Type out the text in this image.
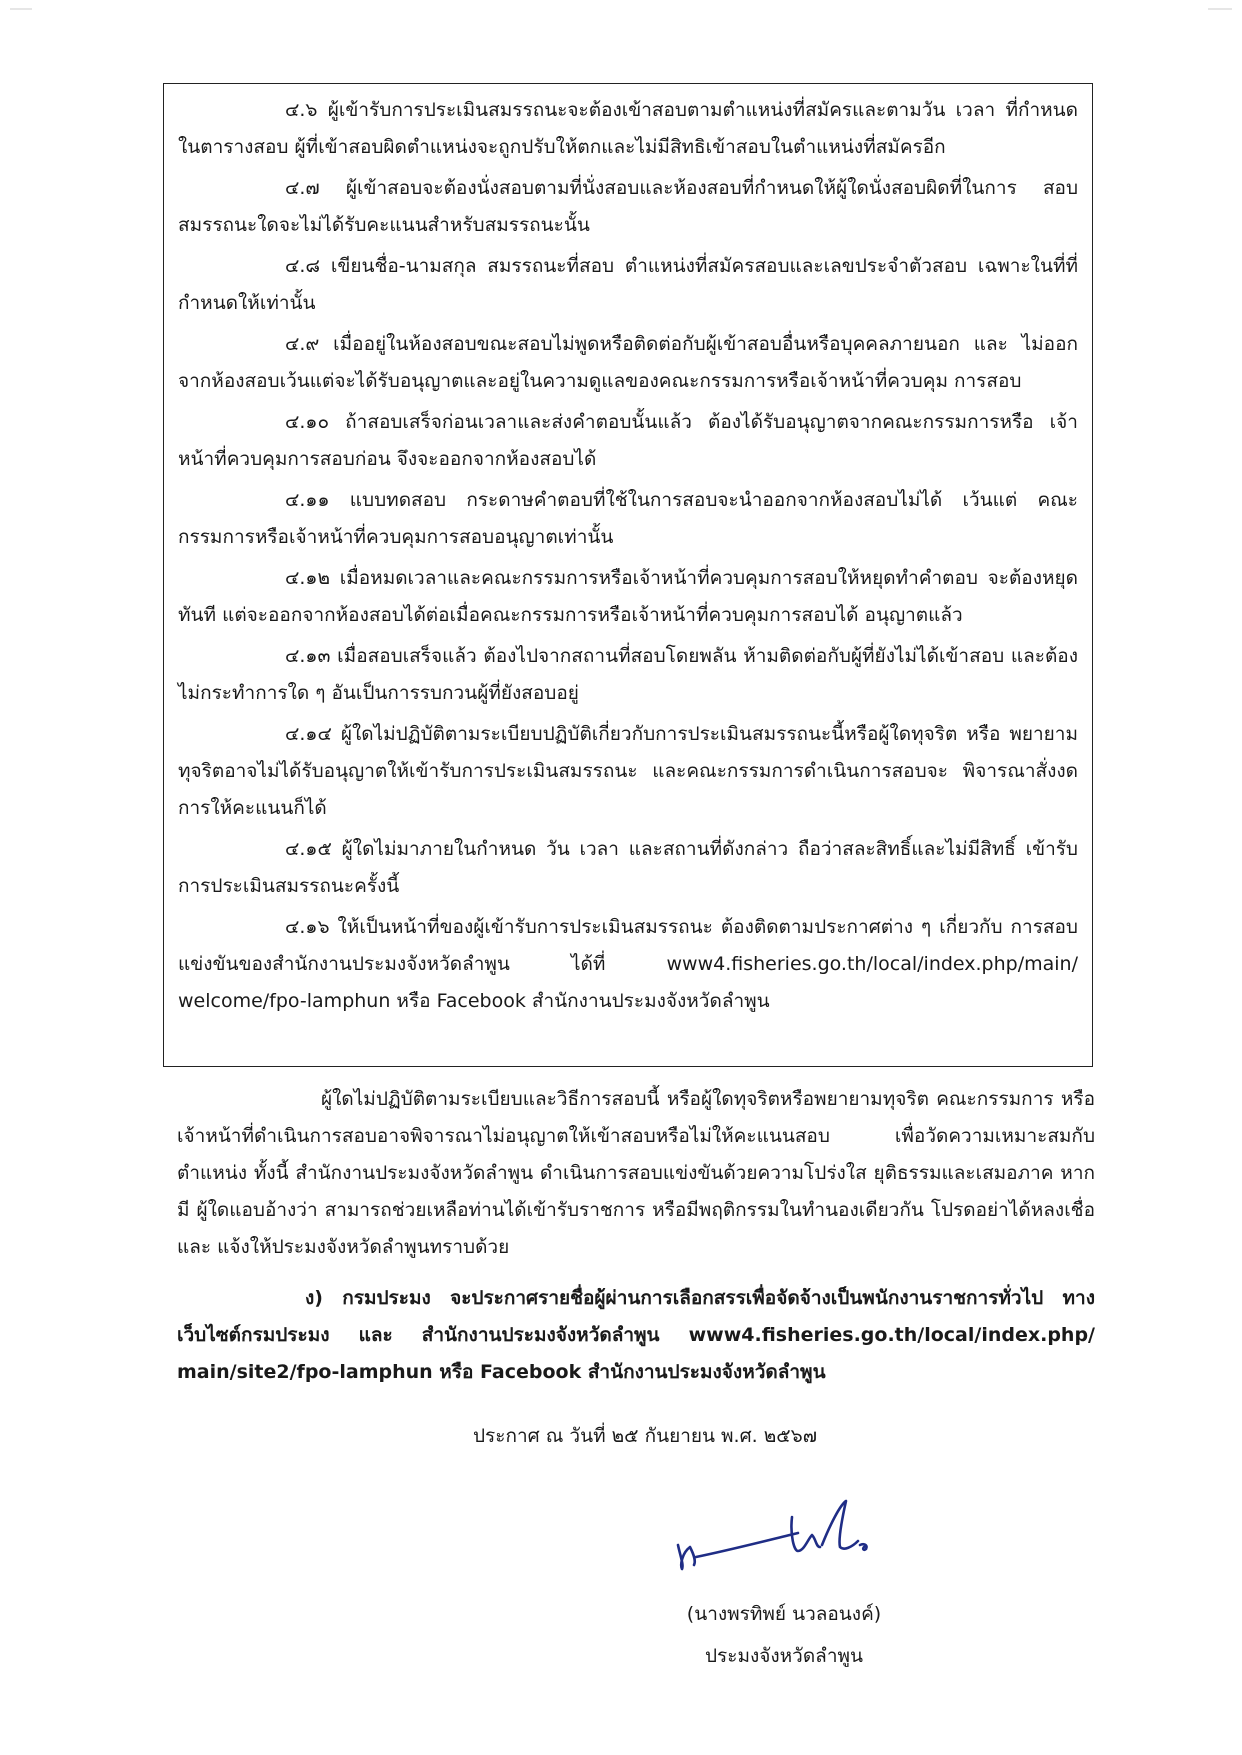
๔.๖ ผู้เข้ารับการประเมินสมรรถนะจะต้องเข้าสอบตามตำแหน่งที่สมัครและตามวัน เวลา ที่กำหนดในตารางสอบ ผู้ที่เข้าสอบผิดตำแหน่งจะถูกปรับให้ตกและไม่มีสิทธิเข้าสอบในตำแหน่งที่สมัครอีก

๔.๗ ผู้เข้าสอบจะต้องนั่งสอบตามที่นั่งสอบและห้องสอบที่กำหนดให้ผู้ใดนั่งสอบผิดที่ในการ สอบสมรรถนะใดจะไม่ได้รับคะแนนสำหรับสมรรถนะนั้น

๔.๘ เขียนชื่อ-นามสกุล สมรรถนะที่สอบ ตำแหน่งที่สมัครสอบและเลขประจำตัวสอบ เฉพาะในที่ที่กำหนดให้เท่านั้น

๔.๙ เมื่ออยู่ในห้องสอบขณะสอบไม่พูดหรือติดต่อกับผู้เข้าสอบอื่นหรือบุคคลภายนอก และ ไม่ออกจากห้องสอบเว้นแต่จะได้รับอนุญาตและอยู่ในความดูแลของคณะกรรมการหรือเจ้าหน้าที่ควบคุม การสอบ

๔.๑๐ ถ้าสอบเสร็จก่อนเวลาและส่งคำตอบนั้นแล้ว ต้องได้รับอนุญาตจากคณะกรรมการหรือ เจ้าหน้าที่ควบคุมการสอบก่อน จึงจะออกจากห้องสอบได้

๔.๑๑ แบบทดสอบ กระดาษคำตอบที่ใช้ในการสอบจะนำออกจากห้องสอบไม่ได้ เว้นแต่ คณะกรรมการหรือเจ้าหน้าที่ควบคุมการสอบอนุญาตเท่านั้น

๔.๑๒ เมื่อหมดเวลาและคณะกรรมการหรือเจ้าหน้าที่ควบคุมการสอบให้หยุดทำคำตอบ จะต้องหยุดทันที แต่จะออกจากห้องสอบได้ต่อเมื่อคณะกรรมการหรือเจ้าหน้าที่ควบคุมการสอบได้ อนุญาตแล้ว

๔.๑๓ เมื่อสอบเสร็จแล้ว ต้องไปจากสถานที่สอบโดยพลัน ห้ามติดต่อกับผู้ที่ยังไม่ได้เข้าสอบ และต้องไม่กระทำการใด ๆ อันเป็นการรบกวนผู้ที่ยังสอบอยู่

๔.๑๔ ผู้ใดไม่ปฏิบัติตามระเบียบปฏิบัติเกี่ยวกับการประเมินสมรรถนะนี้หรือผู้ใดทุจริต หรือ พยายามทุจริตอาจไม่ได้รับอนุญาตให้เข้ารับการประเมินสมรรถนะ และคณะกรรมการดำเนินการสอบจะ พิจารณาสั่งงดการให้คะแนนก็ได้

๔.๑๕ ผู้ใดไม่มาภายในกำหนด วัน เวลา และสถานที่ดังกล่าว ถือว่าสละสิทธิ์และไม่มีสิทธิ์ เข้ารับการประเมินสมรรถนะครั้งนี้

๔.๑๖ ให้เป็นหน้าที่ของผู้เข้ารับการประเมินสมรรถนะ ต้องติดตามประกาศต่าง ๆ เกี่ยวกับ การสอบแข่งขันของสำนักงานประมงจังหวัดลำพูน ได้ที่ www4.fisheries.go.th/local/index.php/main/ welcome/fpo-lamphun หรือ Facebook สำนักงานประมงจังหวัดลำพูน

ผู้ใดไม่ปฏิบัติตามระเบียบและวิธีการสอบนี้ หรือผู้ใดทุจริตหรือพยายามทุจริต คณะกรรมการ หรือเจ้าหน้าที่ดำเนินการสอบอาจพิจารณาไม่อนุญาตให้เข้าสอบหรือไม่ให้คะแนนสอบ เพื่อวัดความเหมาะสมกับ ตำแหน่ง ทั้งนี้ สำนักงานประมงจังหวัดลำพูน ดำเนินการสอบแข่งขันด้วยความโปร่งใส ยุติธรรมและเสมอภาค หากมี ผู้ใดแอบอ้างว่า สามารถช่วยเหลือท่านได้เข้ารับราชการ หรือมีพฤติกรรมในทำนองเดียวกัน โปรดอย่าได้หลงเชื่อและ แจ้งให้ประมงจังหวัดลำพูนทราบด้วย

ง) กรมประมง จะประกาศรายชื่อผู้ผ่านการเลือกสรรเพื่อจัดจ้างเป็นพนักงานราชการทั่วไป ทางเว็บไซต์กรมประมง และ สำนักงานประมงจังหวัดลำพูน www4.fisheries.go.th/local/index.php/ main/site2/fpo-lamphun หรือ Facebook สำนักงานประมงจังหวัดลำพูน

ประกาศ ณ วันที่ ๒๕ กันยายน พ.ศ. ๒๕๖๗
(นางพรทิพย์ นวลอนงค์)
ประมงจังหวัดลำพูน
